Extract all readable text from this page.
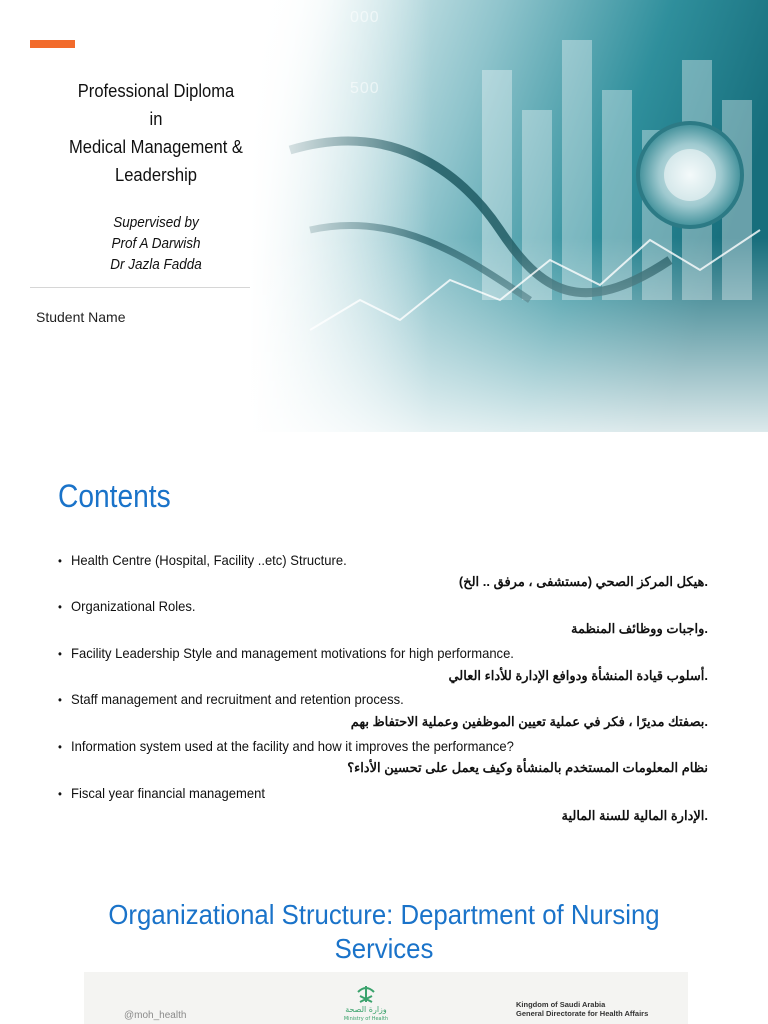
Professional Diploma
in
Medical Management &
Leadership
Supervised by
Prof A Darwish
Dr Jazla Fadda
Student Name
Contents
• Health Centre (Hospital, Facility ..etc) Structure.
.هيكل المركز الصحي (مستشفى ، مرفق .. الخ)
• Organizational Roles.
.واجبات ووظائف المنظمة
• Facility Leadership Style and management motivations for high performance.
.أسلوب قيادة المنشأة ودوافع الإدارة للأداء العالي
• Staff management and recruitment and retention process.
.بصفتك مديرًا ، فكر في عملية تعيين الموظفين وعملية الاحتفاظ بهم
• Information system used at the facility and how it improves the performance?
نظام المعلومات المستخدم بالمنشأة وكيف يعمل على تحسين الأداء؟
• Fiscal year financial management
.الإدارة المالية للسنة المالية
Organizational Structure: Department of Nursing
Services
@moh_health
وزارة الصحة
Ministry of Health
Kingdom of Saudi Arabia
General Directorate for Health Affairs
